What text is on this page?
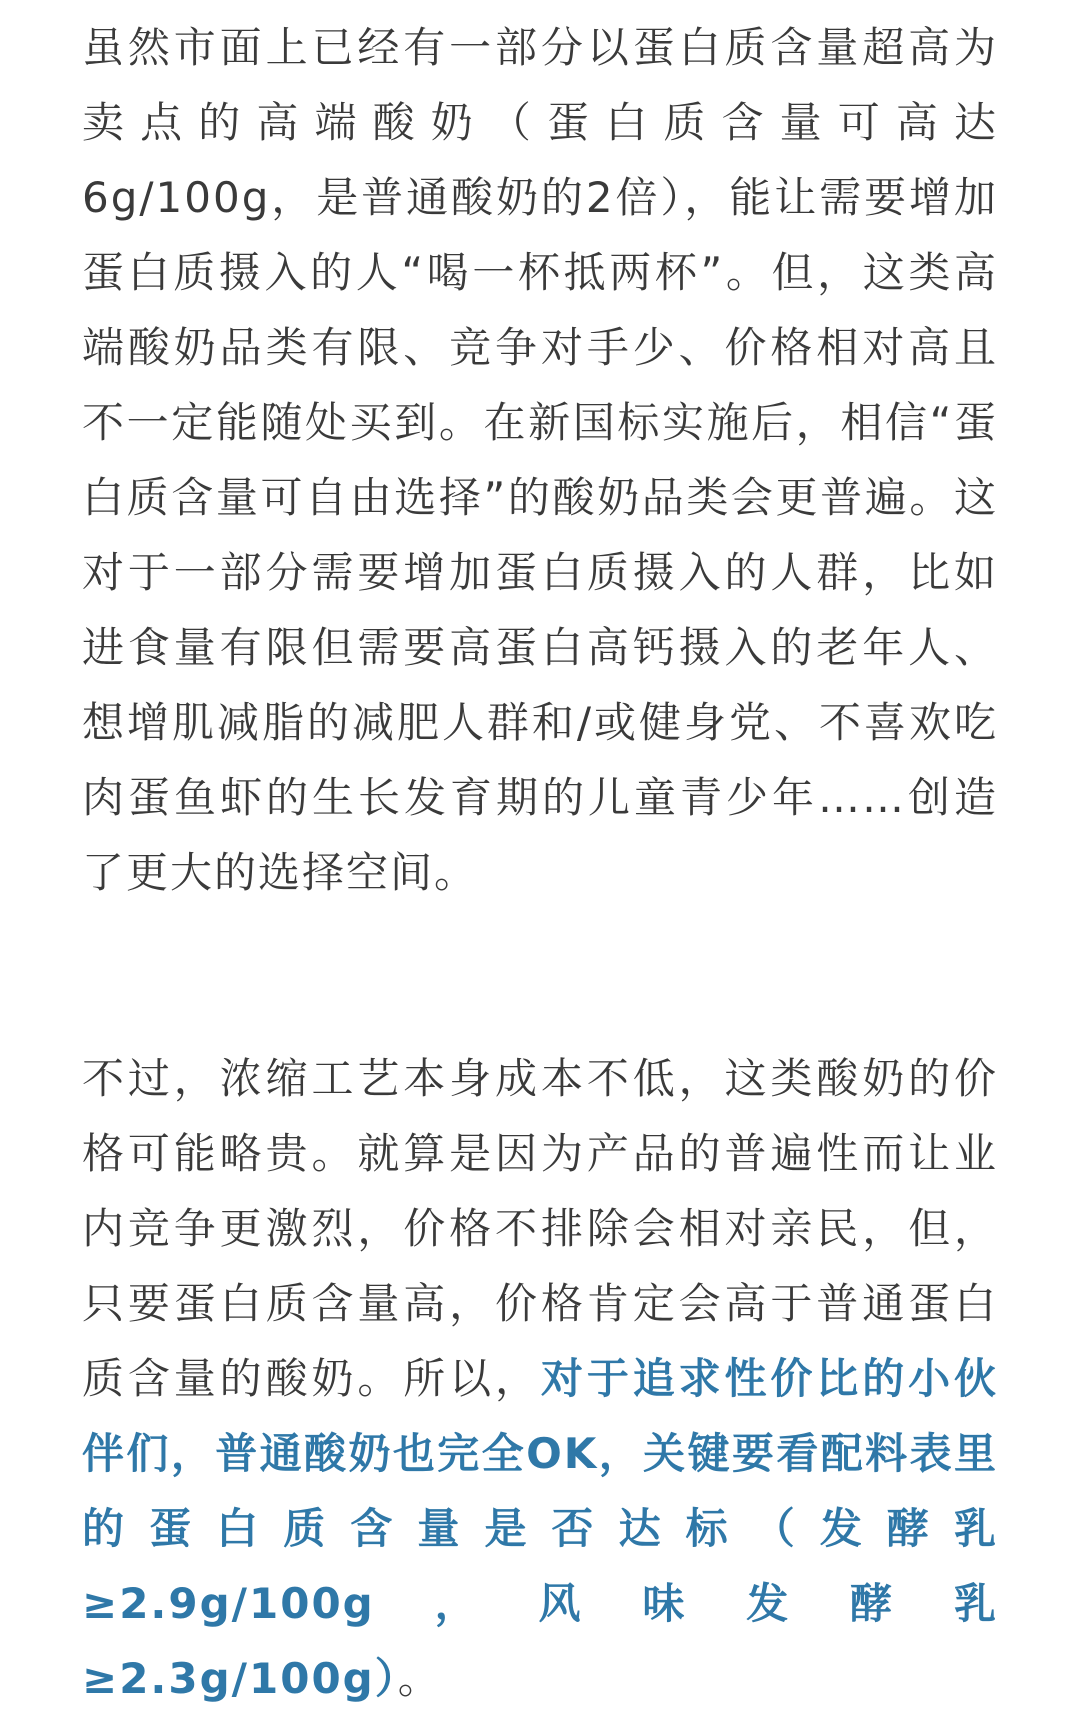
虽然市面上已经有一部分以蛋白质含量超高为卖点的高端酸奶（蛋白质含量可高达6g/100g，是普通酸奶的2倍），能让需要增加蛋白质摄入的人“喝一杯抵两杯”。但，这类高端酸奶品类有限、竞争对手少、价格相对高且不一定能随处买到。在新国标实施后，相信“蛋白质含量可自由选择”的酸奶品类会更普遍。这对于一部分需要增加蛋白质摄入的人群，比如进食量有限但需要高蛋白高钙摄入的老年人、想增肌减脂的减肥人群和/或健身党、不喜欢吃肉蛋鱼虾的生长发育期的儿童青少年……创造了更大的选择空间。

不过，浓缩工艺本身成本不低，这类酸奶的价格可能略贵。就算是因为产品的普遍性而让业内竞争更激烈，价格不排除会相对亲民，但，只要蛋白质含量高，价格肯定会高于普通蛋白质含量的酸奶。所以，对于追求性价比的小伙伴们，普通酸奶也完全OK，关键要看配料表里的蛋白质含量是否达标（发酵乳≥2.9g/100g，风味发酵乳≥2.3g/100g）。
